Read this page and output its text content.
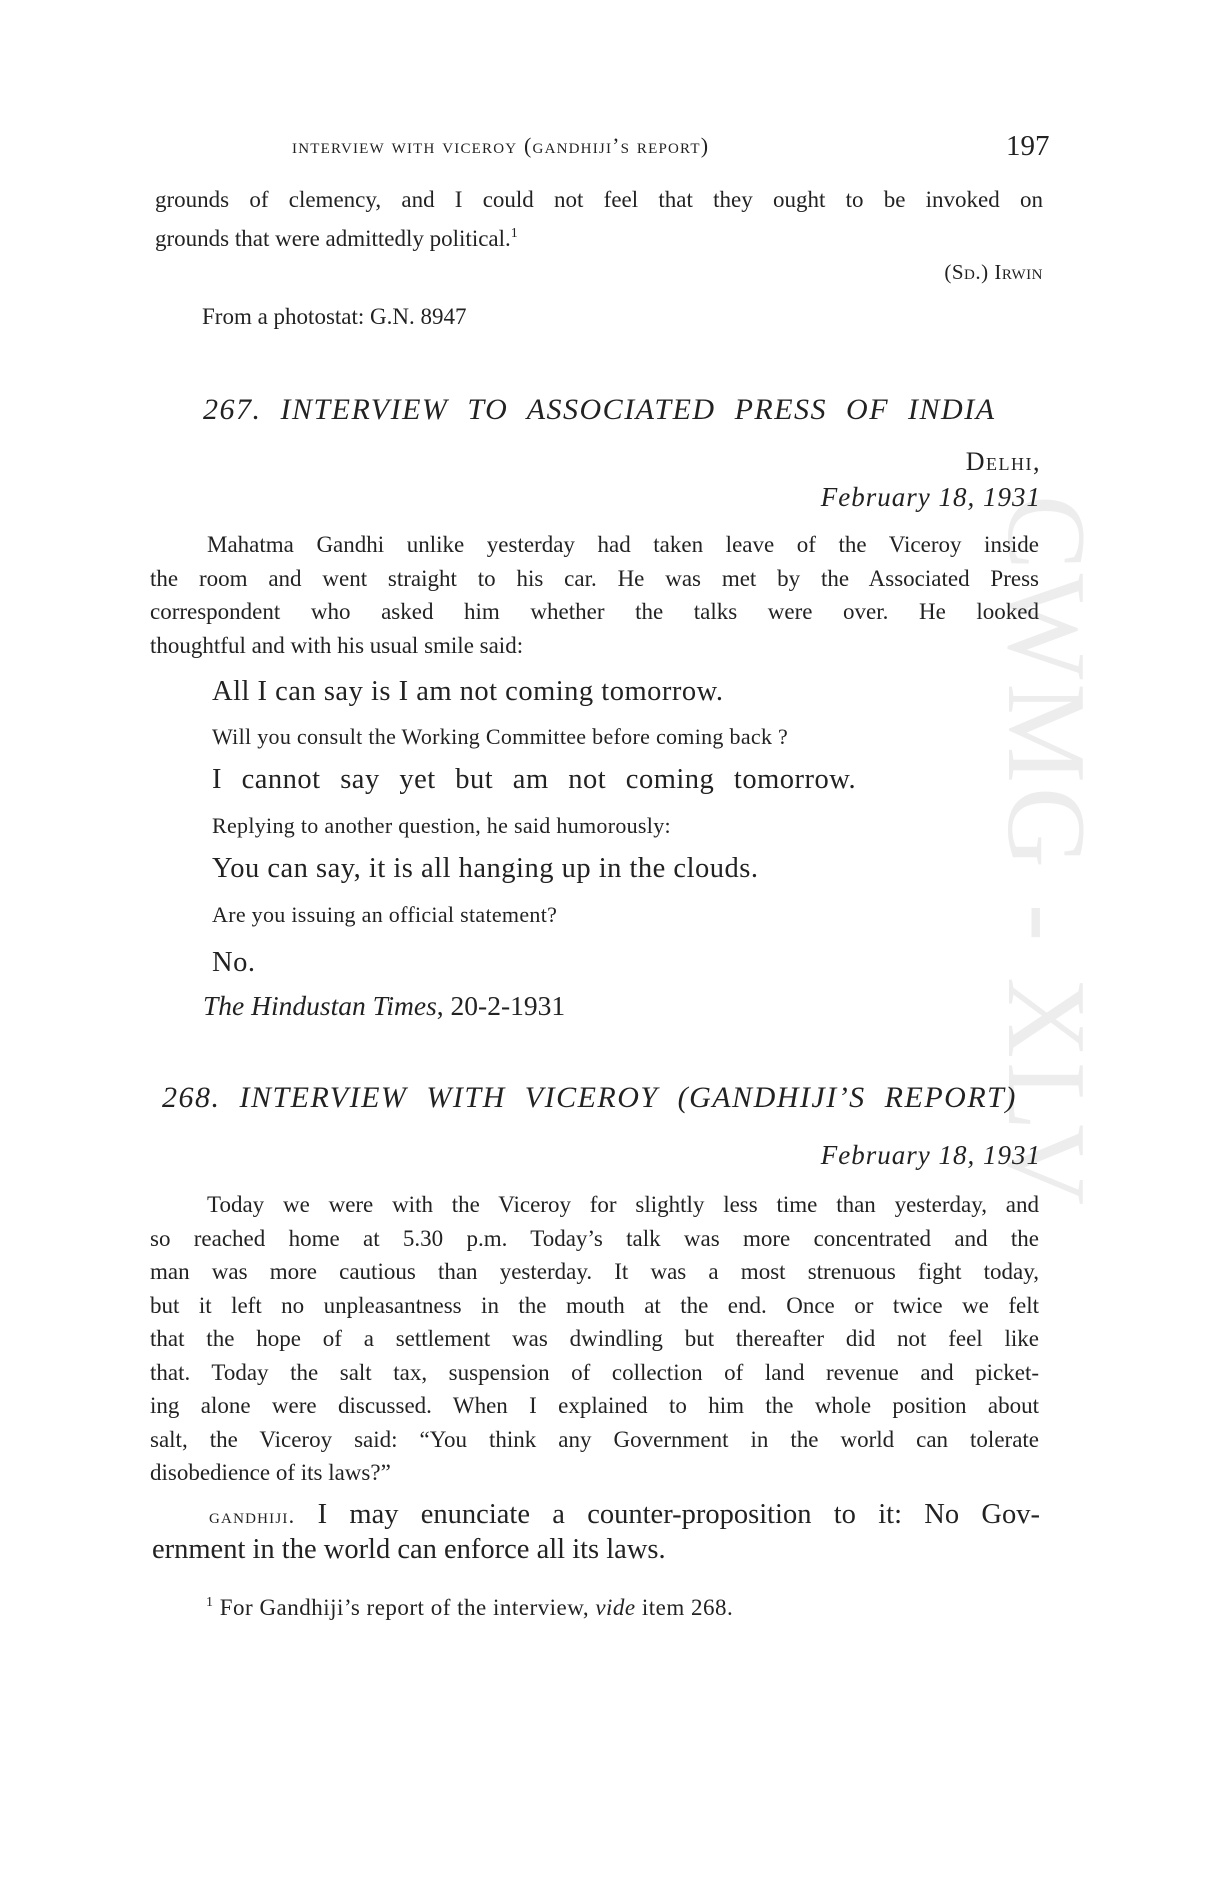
CWMG - XLV
interview with viceroy (gandhiji’s report)	197
grounds of clemency, and I could not feel that they ought to be invoked on
grounds that were admittedly political.$^1$
(Sd.) Irwin
From a photostat: G.N. 8947
267. INTERVIEW TO ASSOCIATED PRESS OF INDIA
Delhi,
February 18, 1931
Mahatma Gandhi unlike yesterday had taken leave of the Viceroy inside
the room and went straight to his car. He was met by the Associated Press
correspondent who asked him whether the talks were over. He looked
thoughtful and with his usual smile said:
All I can say is I am not coming tomorrow.
Will you consult the Working Committee before coming back ?
I cannot say yet but am not coming tomorrow.
Replying to another question, he said humorously:
You can say, it is all hanging up in the clouds.
Are you issuing an official statement?
No.
The Hindustan Times, 20-2-1931
268. INTERVIEW WITH VICEROY (GANDHIJI’S REPORT)
February 18, 1931
Today we were with the Viceroy for slightly less time than yesterday, and
so reached home at 5.30 p.m. Today’s talk was more concentrated and the
man was more cautious than yesterday. It was a most strenuous fight today,
but it left no unpleasantness in the mouth at the end. Once or twice we felt
that the hope of a settlement was dwindling but thereafter did not feel like
that. Today the salt tax, suspension of collection of land revenue and picket-
ing alone were discussed. When I explained to him the whole position about
salt, the Viceroy said: “You think any Government in the world can tolerate
disobedience of its laws?”
gandhiji. I may enunciate a counter-proposition to it: No Gov-
ernment in the world can enforce all its laws.
$^1$ For Gandhiji’s report of the interview, vide item 268.
